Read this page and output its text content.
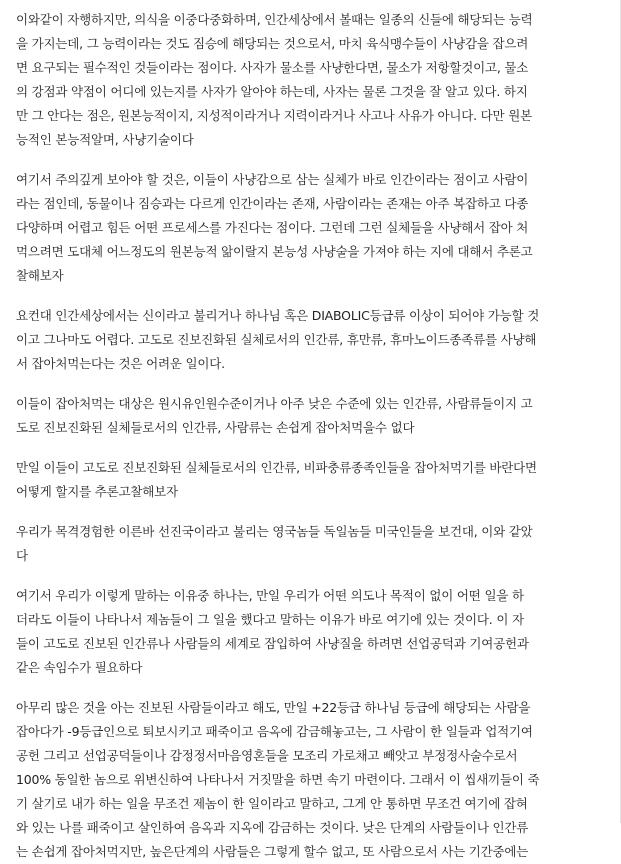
이와같이 자행하지만, 의식을 이중다중화하며, 인간세상에서 볼때는 일종의 신들에 해당되는 능력
을 가지는데, 그 능력이라는 것도 짐승에 해당되는 것으로서, 마치 육식맹수들이 사냥감을 잡으려
면 요구되는 필수적인 것들이라는 점이다. 사자가 물소를 사냥한다면, 물소가 저항할것이고, 물소
의 강점과 약점이 어디에 있는지를 사자가 알아야 하는데, 사자는 물론 그것을 잘 알고 있다. 하지
만 그 안다는 점은, 원본능적이지, 지성적이라거나 지력이라거나 사고나 사유가 아니다. 다만 원본
능적인 본능적알며, 사냥기술이다

여기서 주의깊게 보아야 할 것은, 이들이 사냥감으로 삼는 실체가 바로 인간이라는 점이고 사람이
라는 점인데, 동물이나 짐승과는 다르게 인간이라는 존재, 사람이라는 존재는 아주 복잡하고 다종
다양하며 어렵고 힘든 어떤 프로세스를 가진다는 점이다. 그런데 그런 실체들을 사냥해서 잡아 처
먹으려면 도대체 어느정도의 원본능적 앎이랄지 본능성 사냥술을 가져야 하는 지에 대해서 추론고
찰해보자

요컨대 인간세상에서는 신이라고 불리거나 하나님 혹은 DIABOLIC등급류 이상이 되어야 가능할 것
이고 그나마도 어렵다. 고도로 진보진화된 실체로서의 인간류, 휴만류, 휴마노이드종족류를 사냥해
서 잡아처먹는다는 것은 어려운 일이다.

이들이 잡아처먹는 대상은 원시유인원수준이거나 아주 낮은 수준에 있는 인간류, 사람류들이지 고
도로 진보진화된 실체들로서의 인간류, 사람류는 손쉽게 잡아처먹을수 없다

만일 이들이 고도로 진보진화된 실체들로서의 인간류, 비파충류종족인들을 잡아처먹기를 바란다면
어떻게 할지를 추론고찰해보자

우리가 목격경험한 이른바 선진국이라고 불리는 영국놈들 독일놈들 미국인들을 보건대, 이와 같았
다

여기서 우리가 이렇게 말하는 이유중 하나는, 만일 우리가 어떤 의도나 목적이 없이 어떤 일을 하
더라도 이들이 나타나서 제놈들이 그 일을 했다고 말하는 이유가 바로 여기에 있는 것이다. 이 자
들이 고도로 진보된 인간류나 사람들의 세계로 잠입하여 사냥질을 하려면 선업공덕과 기여공헌과
같은 속임수가 필요하다

아무리 많은 것을 아는 진보된 사람들이라고 해도, 만일 +22등급 하나님 등급에 해당되는 사람을
잡아다가 -9등급인으로 퇴보시키고 패죽이고 음옥에 감금해놓고는, 그 사람이 한 일들과 업적기여
공헌 그리고 선업공덕들이나 감정정서마음영혼들을 모조리 가로채고 빼앗고 부정정사술수로서
100% 동일한 놈으로 위변신하여 나타나서 거짓말을 하면 속기 마련이다. 그래서 이 씹새끼들이 죽
기 살기로 내가 하는 일을 무조건 제놈이 한 일이라고 말하고, 그게 안 통하면 무조건 여기에 잡혀
와 있는 나를 패죽이고 살인하여 음옥과 지옥에 감금하는 것이다. 낮은 단계의 사람들이나 인간류
는 손쉽게 잡아처먹지만, 높은단계의 사람들은 그렇게 할수 없고, 또 사람으로서 사는 기간중에는
